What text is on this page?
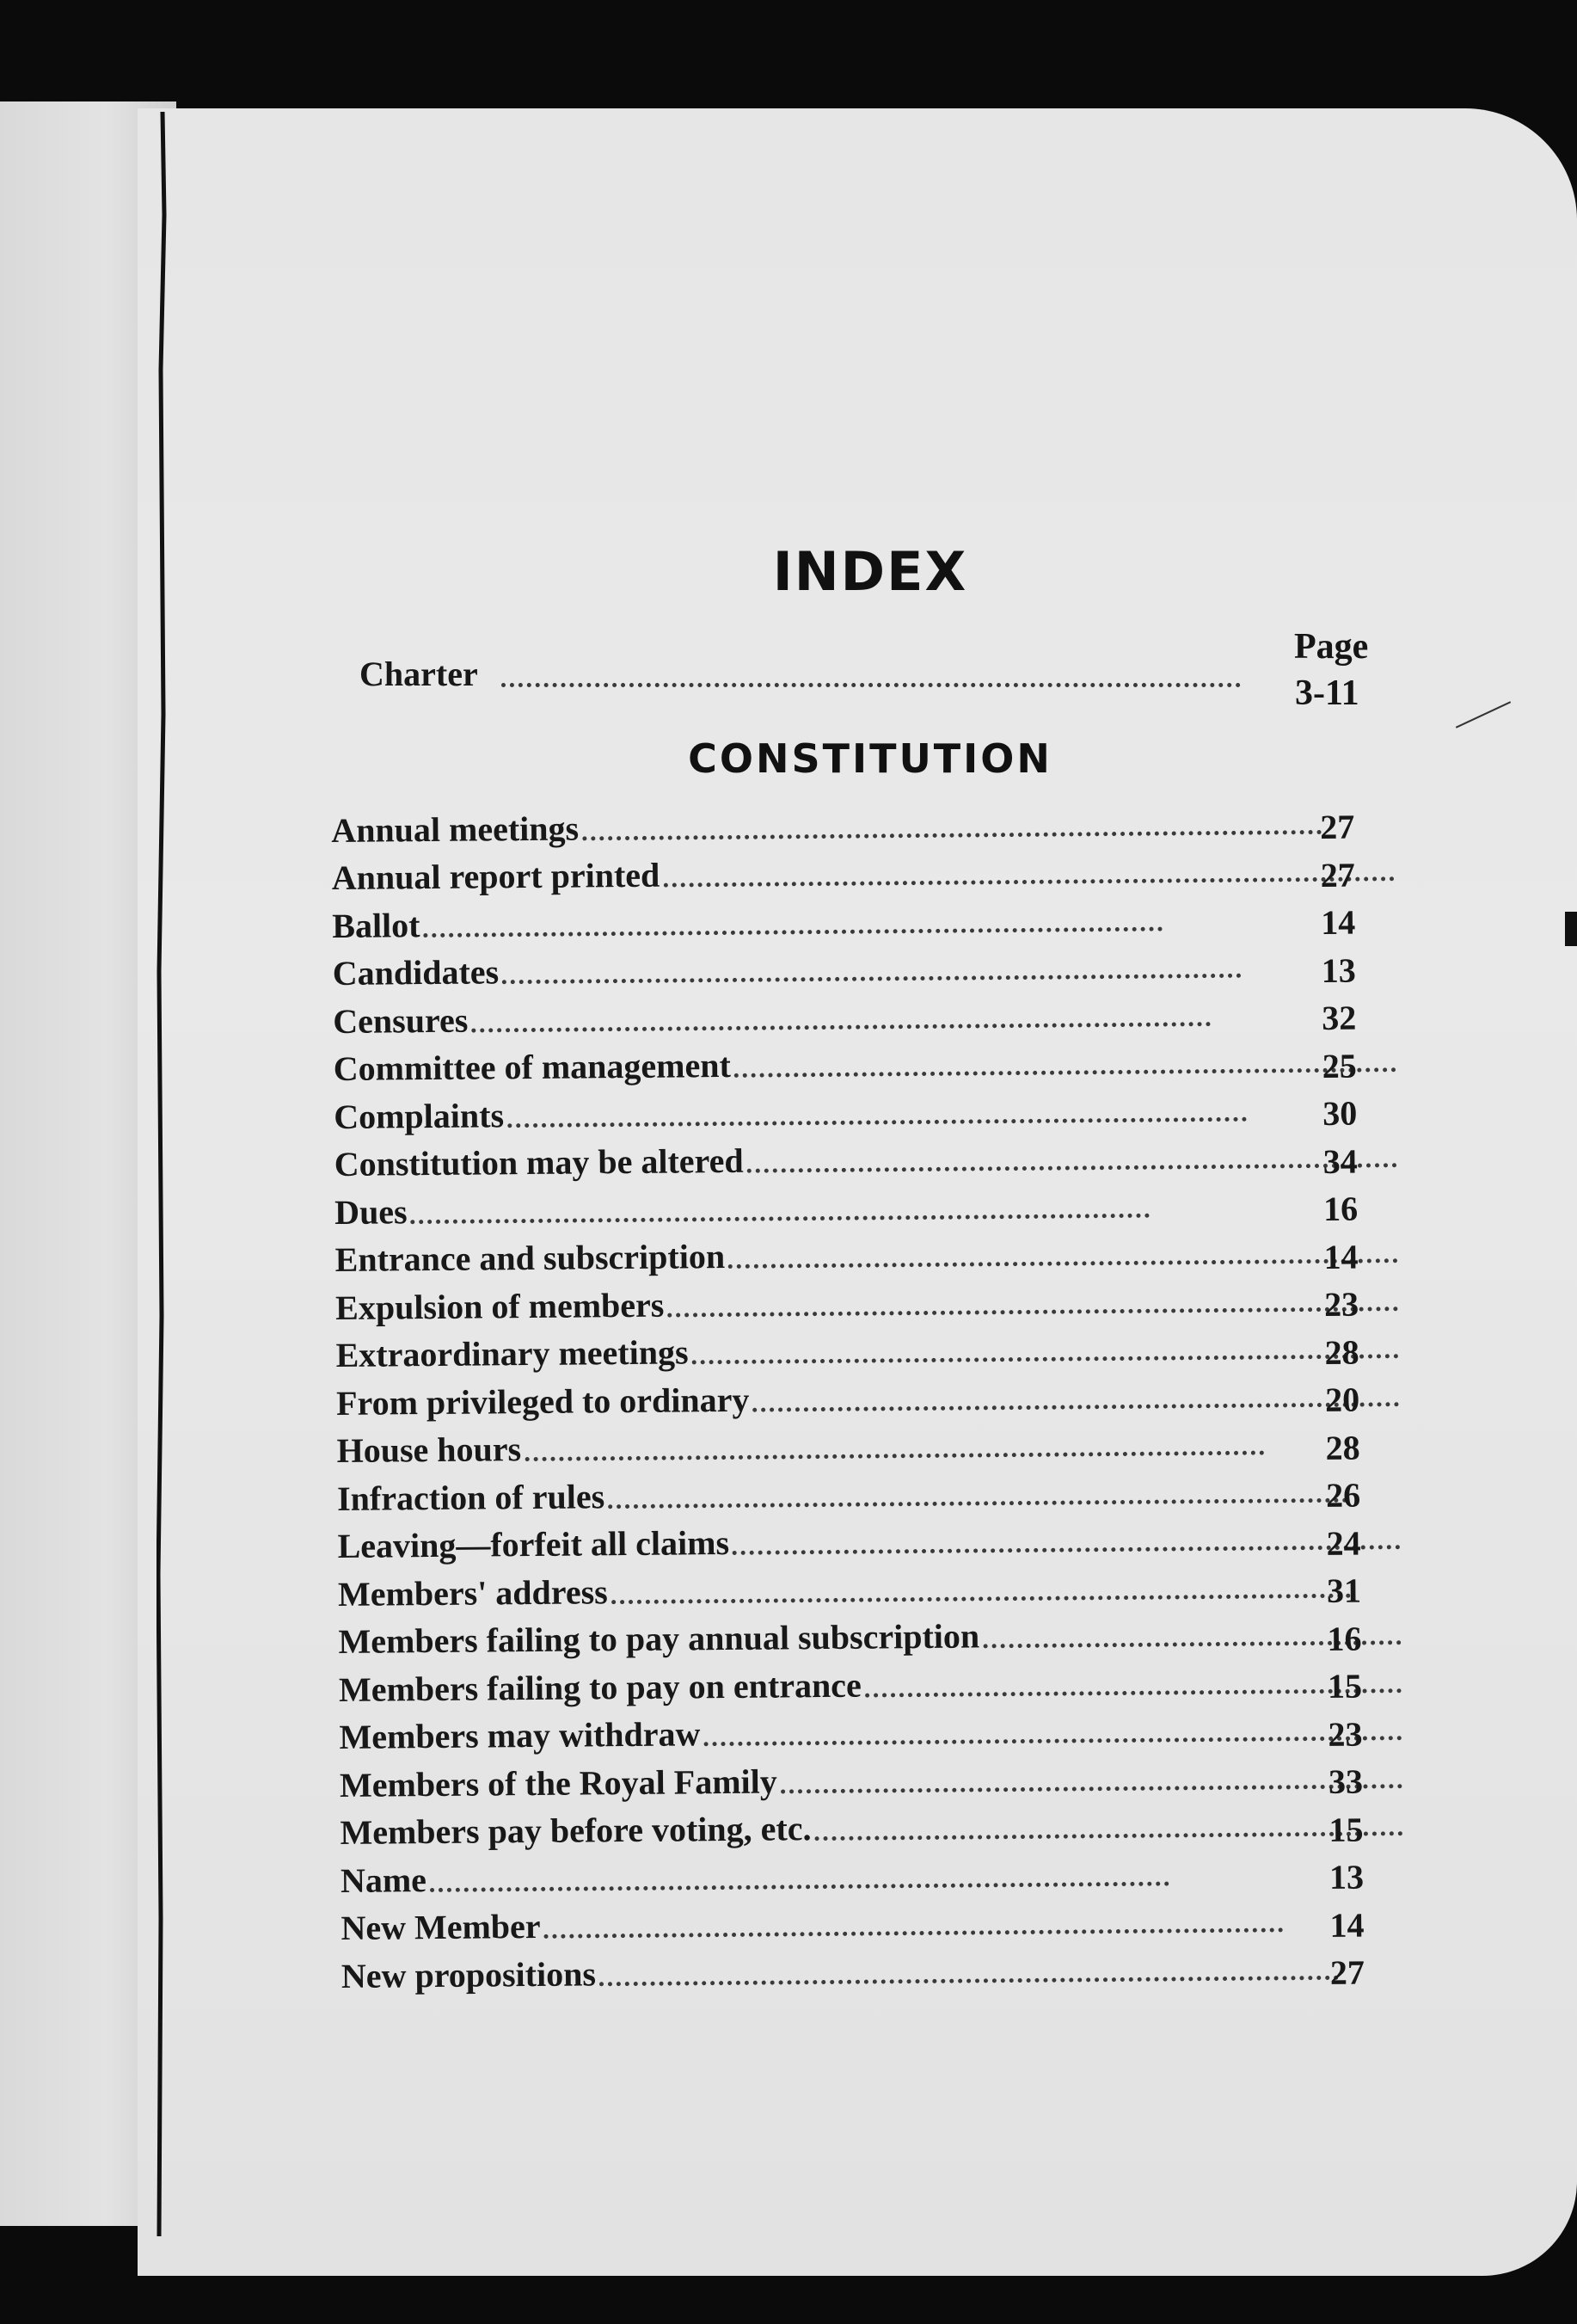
INDEX
Page
Charter	3-11
CONSTITUTION
Annual meetings	27
Annual report printed	27
Ballot	14
Candidates	13
Censures	32
Committee of management	25
Complaints	30
Constitution may be altered	34
Dues	16
Entrance and subscription	14
Expulsion of members	23
Extraordinary meetings	28
From privileged to ordinary	20
House hours	28
Infraction of rules	26
Leaving—forfeit all claims	24
Members' address	31
Members failing to pay annual subscription	16
Members failing to pay on entrance	15
Members may withdraw	23
Members of the Royal Family	33
Members pay before voting, etc.	15
Name	13
New Member	14
New propositions	27
